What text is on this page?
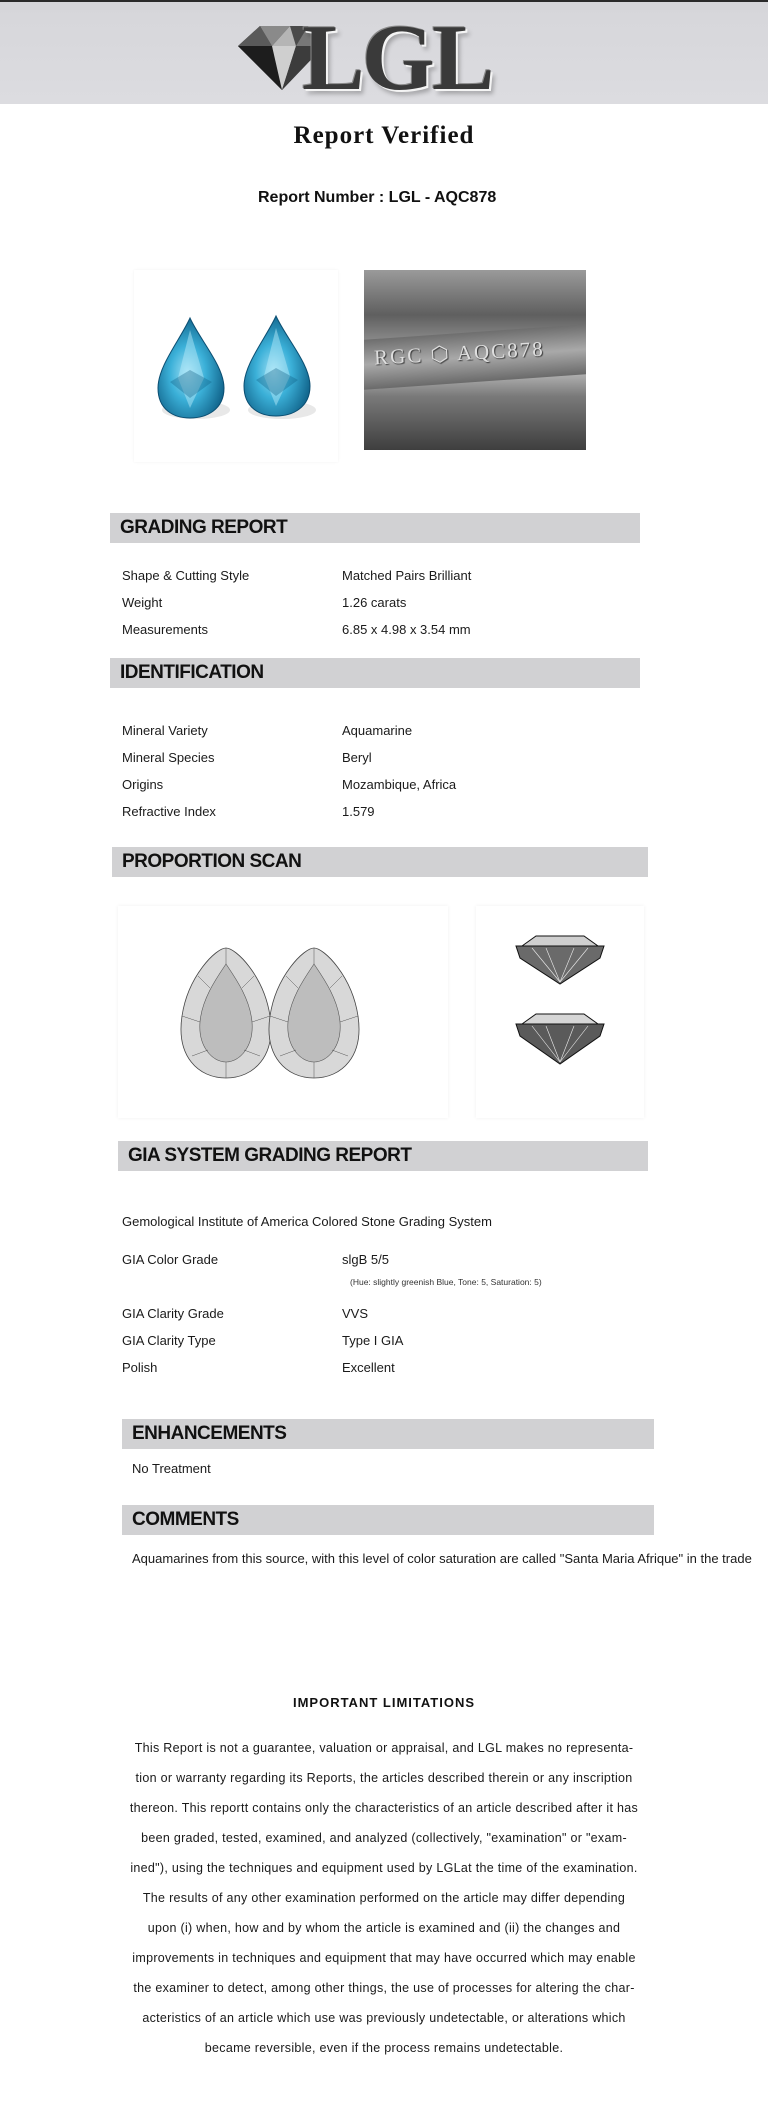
LGL
Report Verified
Report Number : LGL - AQC878
RGC ⬡ AQC878
GRADING REPORT
Shape & Cutting Style	Matched Pairs Brilliant
Weight	1.26 carats
Measurements	6.85 x 4.98 x 3.54 mm
IDENTIFICATION
Mineral Variety	Aquamarine
Mineral Species	Beryl
Origins	Mozambique, Africa
Refractive Index	1.579
PROPORTION SCAN
GIA SYSTEM GRADING REPORT
Gemological Institute of America Colored Stone Grading System
GIA Color Grade	slgB 5/5
(Hue: slightly greenish Blue, Tone: 5, Saturation: 5)
GIA Clarity Grade	VVS
GIA Clarity Type	Type I GIA
Polish	Excellent
ENHANCEMENTS
No Treatment
COMMENTS
Aquamarines from this source, with this level of color saturation are called "Santa Maria Afrique" in the trade
IMPORTANT LIMITATIONS
This Report is not a guarantee, valuation or appraisal, and LGL makes no representa-
tion or warranty regarding its Reports, the articles described therein or any inscription
thereon. This reportt contains only the characteristics of an article described after it has
been graded, tested, examined, and analyzed (collectively, "examination" or "exam-
ined"), using the techniques and equipment used by LGLat the time of the examination.
The results of any other examination performed on the article may differ depending
upon (i) when, how and by whom the article is examined and (ii) the changes and
improvements in techniques and equipment that may have occurred which may enable
the examiner to detect, among other things, the use of processes for altering the char-
acteristics of an article which use was previously undetectable, or alterations which
became reversible, even if the process remains undetectable.
